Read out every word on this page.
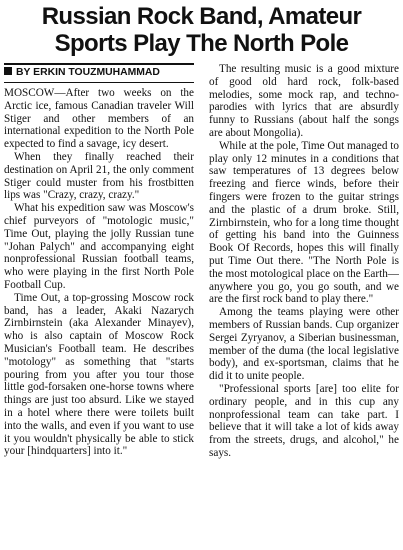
Russian Rock Band, Amateur
Sports Play The North Pole
BY ERKIN TOUZMUHAMMAD

MOSCOW—After two weeks on the Arctic ice, famous Canadian traveler Will Stiger and other members of an international expedition to the North Pole expected to find a savage, icy desert.

When they finally reached their destination on April 21, the only comment Stiger could muster from his frostbitten lips was "Crazy, crazy, crazy."

What his expedition saw was Moscow's chief purveyors of "motologic music," Time Out, playing the jolly Russian tune "Johan Palych" and accompanying eight nonprofessional Russian football teams, who were playing in the first North Pole Football Cup.

Time Out, a top-grossing Moscow rock band, has a leader, Akaki Nazarych Zirnbirnstein (aka Alexander Minayev), who is also captain of Moscow Rock Musician's Football team. He describes "motology" as something that "starts pouring from you after you tour those little god-forsaken one-horse towns where things are just too absurd. Like we stayed in a hotel where there were toilets built into the walls, and even if you want to use it you wouldn't physically be able to stick your [hindquarters] into it."

The resulting music is a good mixture of good old hard rock, folk-based melodies, some mock rap, and techno-parodies with lyrics that are absurdly funny to Russians (about half the songs are about Mongolia).

While at the pole, Time Out managed to play only 12 minutes in a conditions that saw temperatures of 13 degrees below freezing and fierce winds, before their fingers were frozen to the guitar strings and the plastic of a drum broke. Still, Zirnbirnstein, who for a long time thought of getting his band into the Guinness Book Of Records, hopes this will finally put Time Out there. "The North Pole is the most motological place on the Earth—anywhere you go, you go south, and we are the first rock band to play there."

Among the teams playing were other members of Russian bands. Cup organizer Sergei Zyryanov, a Siberian businessman, member of the duma (the local legislative body), and ex-sportsman, claims that he did it to unite people.

"Professional sports [are] too elite for ordinary people, and in this cup any nonprofessional team can take part. I believe that it will take a lot of kids away from the streets, drugs, and alcohol," he says.
